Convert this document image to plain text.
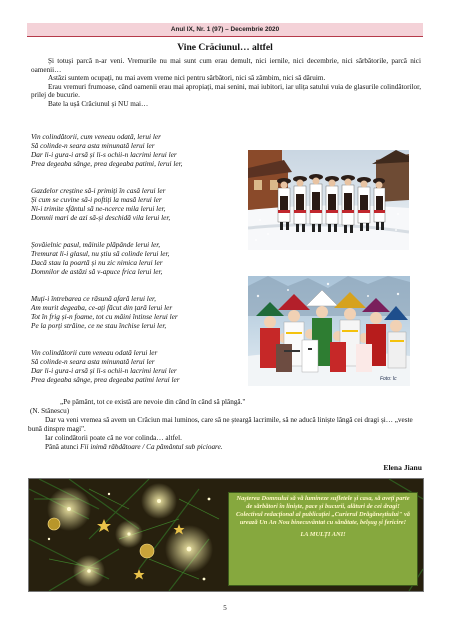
Anul IX, Nr. 1 (97) – Decembrie 2020
Vine Crăciunul… altfel

Și totuși parcă n-ar veni. Vremurile nu mai sunt cum erau demult, nici iernile, nici decembrie, nici sărbătorile, parcă nici oamenii…

Astăzi suntem ocupați, nu mai avem vreme nici pentru sărbători, nici să zâmbim, nici să dăruim.

Erau vremuri frumoase, când oamenii erau mai apropiați, mai senini, mai iubitori, iar ulița satului vuia de glasurile colindătorilor, prilej de bucurie.

Bate la ușă Crăciunul și NU mai…

Vin colindătorii, cum veneau odată, lerui ler
Să colinde-n seara asta minunată lerui ler
Dar li-i gura-i arsă și li-s ochii-n lacrimi lerui ler
Prea degeaba sânge, prea degeaba patimi, lerui ler,
Gazdelor creștine să-i primiți în casă lerui ler
Și cum se cuvine să-i poftiți la masă lerui ler
Ni-i trimite sfântul să ne-ncerce mila lerui ler,
Domnii mari de azi să-și deschidă vila lerui ler,
Șovăielnic pasul, mâinile plăpânde lerui ler,
Tremurat li-i glasul, nu știu să colinde lerui ler,
Dacă stau la poartă și nu zic nimica lerui ler
Domnilor de astăzi să v-apuce frica lerui ler,
Muți-i întrebarea ce răsună afară lerui ler,
Am murit degeaba, ce-ați făcut din țară lerui ler
Tot în frig și-n foame, tot cu mâini întinse lerui ler
Pe la porți străine, ce ne stau închise lerui ler,
Vin colindătorii cum veneau odată lerui ler
Să colinde-n seara asta minunată lerui ler
Dar li-i gura-i arsă și li-s ochii-n lacrimi lerui ler
Prea degeaba sânge, prea degeaba patimi lerui ler	Foto: Ic

„Pe pământ, tot ce există are nevoie din când în când să plângă."

(N. Stănescu)

Dar va veni vremea să avem un Crăciun mai luminos, care să ne șteargă lacrimile, să ne aducă liniște lângă cei dragi și… „veste bună dinspre magi".

Iar colindătorii poate că ne vor colinda… altfel.

Până atunci Fii inimă răbdătoare / Ca pământul sub picioare.

Elena Jianu

Nașterea Domnului să vă lumineze sufletele și casa, să aveți parte de sărbători în liniște, pace și bucurii, alături de cei dragi!

Colectivul redacțional al publicației „Curierul Drăgăneștiului" vă urează Un An Nou binecuvântat cu sănătate, belșug și fericire!

LA MULȚI ANI!

5
